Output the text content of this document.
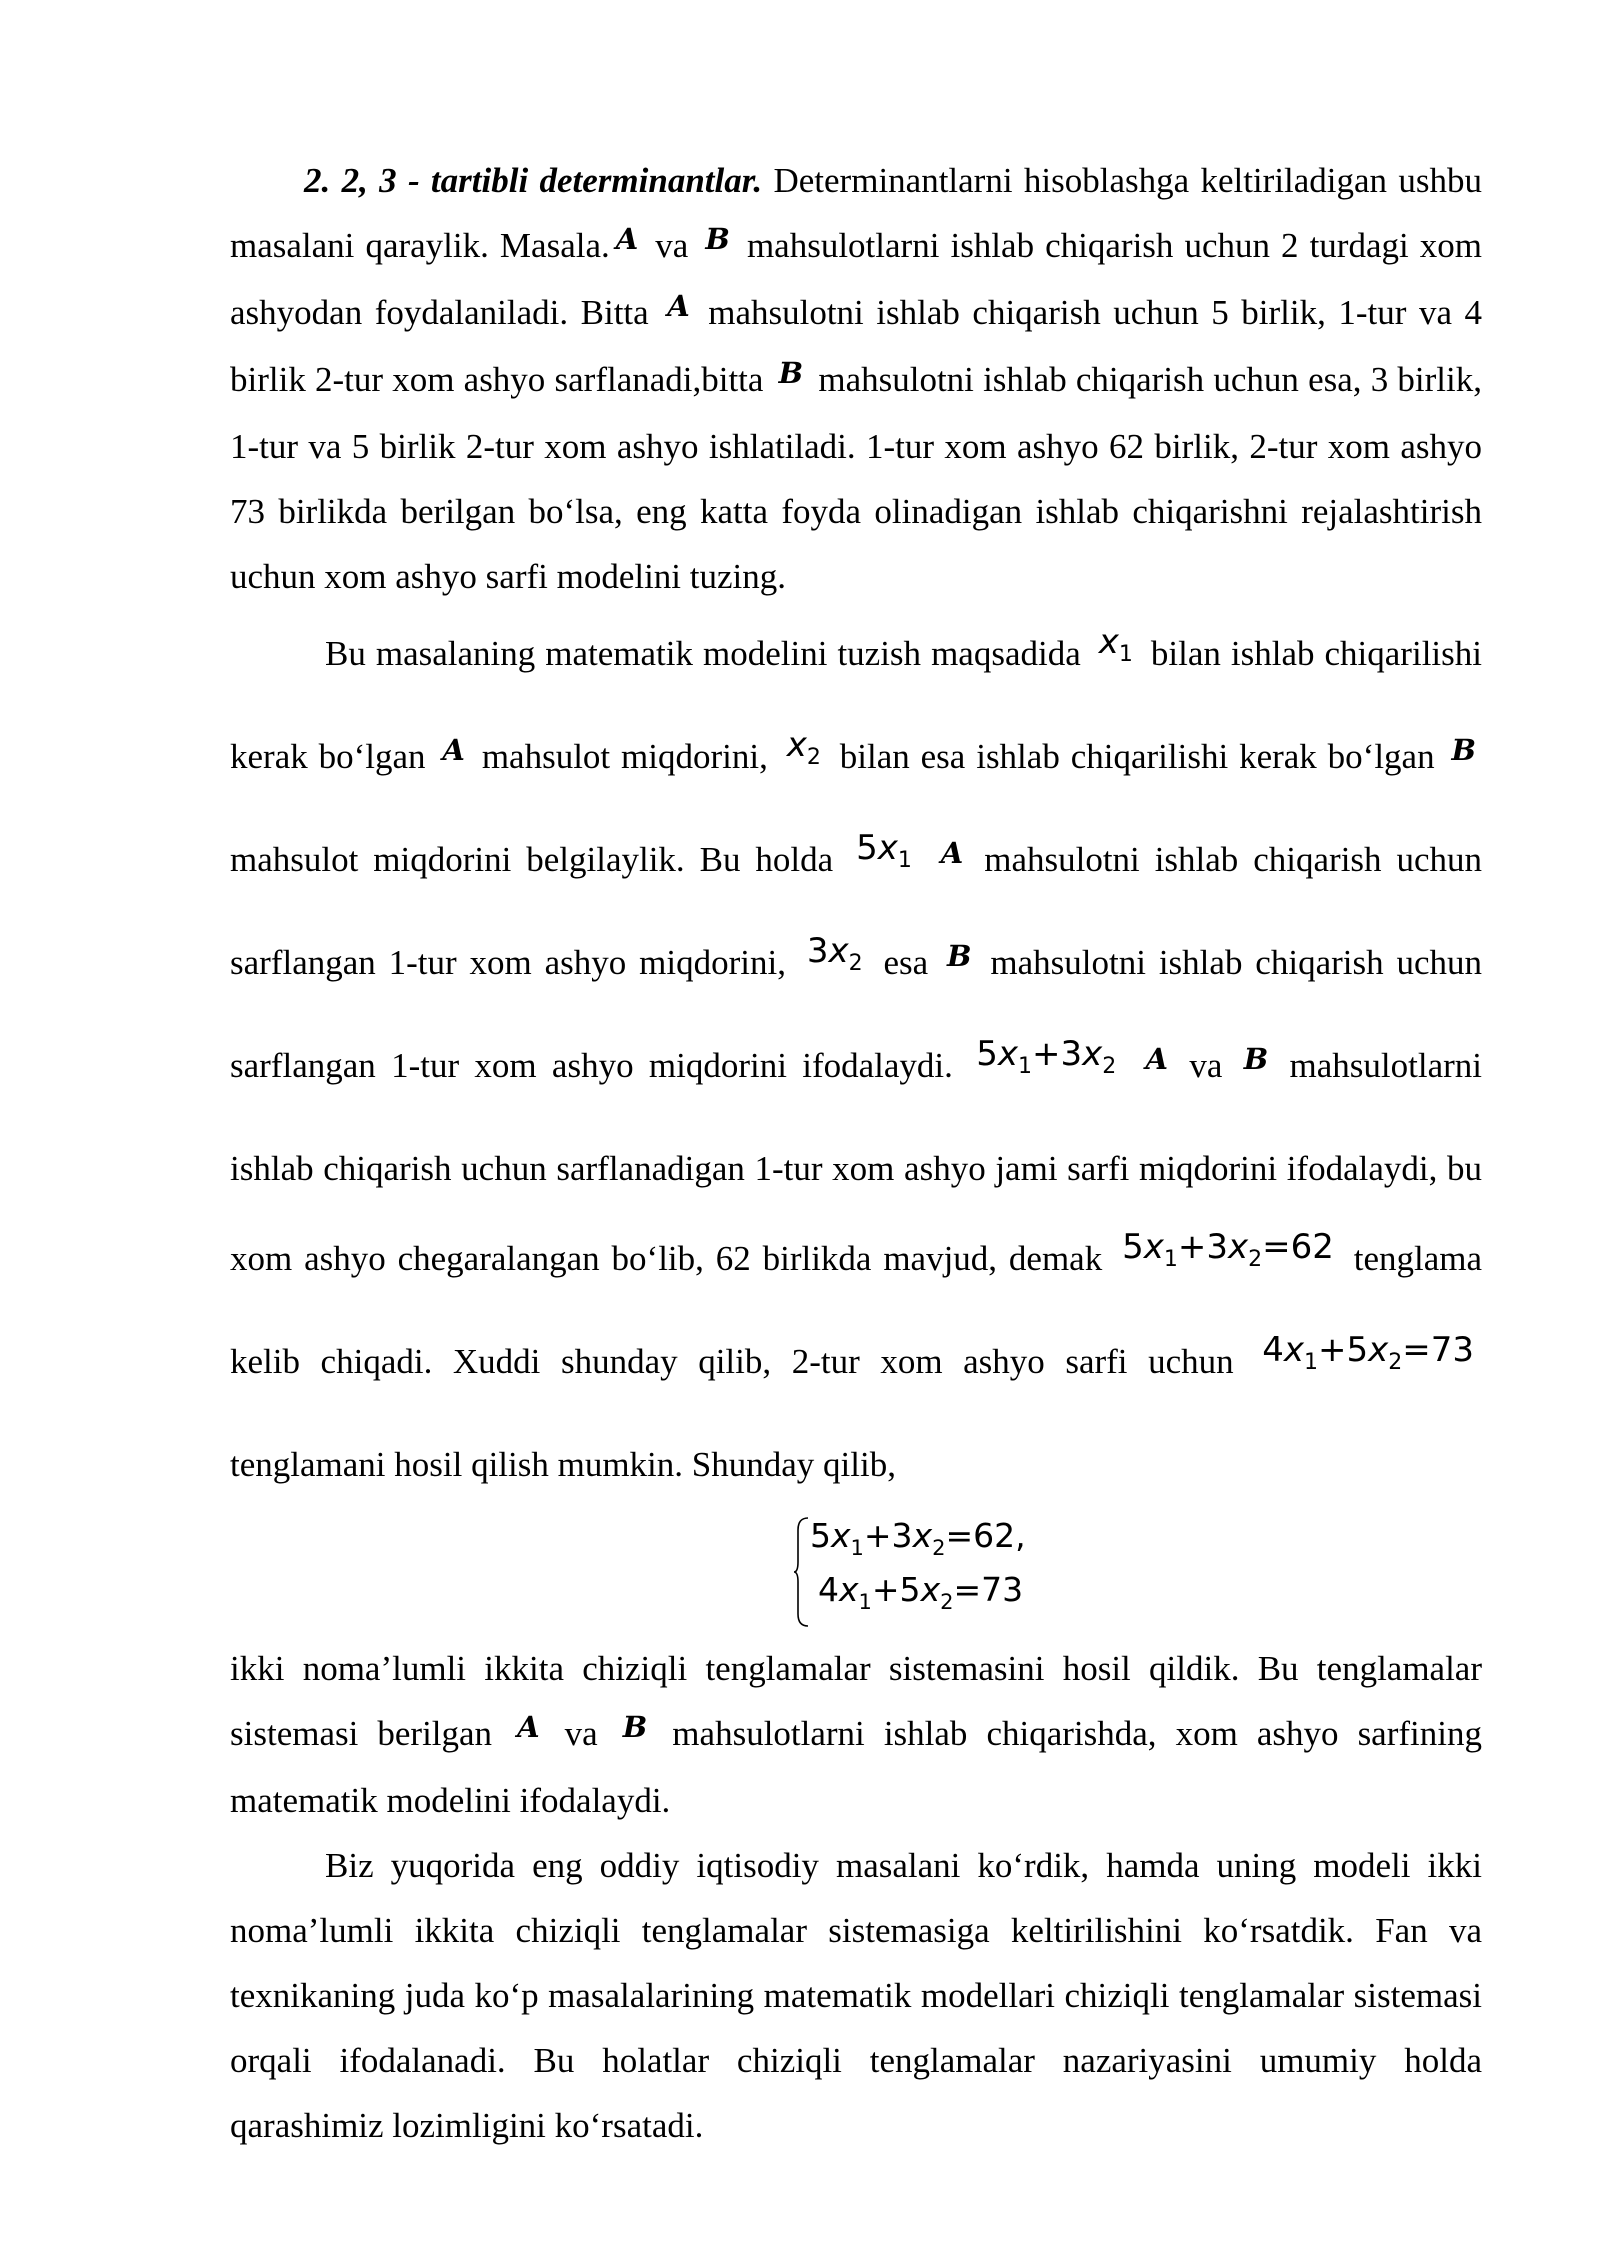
2. 2, 3 - tartibli determinantlar. Determinantlarni hisoblashga keltiriladigan ushbu masalani qaraylik. Masala. $^A$ va $^B$ mahsulotlarni ishlab chiqarish uchun 2 turdagi xom ashyodan foydalaniladi. Bitta $^A$ mahsulotni ishlab chiqarish uchun 5 birlik, 1-tur va 4 birlik 2-tur xom ashyo sarflanadi,bitta $^B$ mahsulotni ishlab chiqarish uchun esa, 3 birlik, 1-tur va 5 birlik 2-tur xom ashyo ishlatiladi. 1-tur xom ashyo 62 birlik, 2-tur xom ashyo 73 birlikda berilgan bo‘lsa, eng katta foyda olinadigan ishlab chiqarishni rejalashtirish uchun xom ashyo sarfi modelini tuzing.

Bu masalaning matematik modelini tuzish maqsadida $x_1$ bilan ishlab chiqarilishi kerak bo‘lgan $^A$ mahsulot miqdorini, $x_2$ bilan esa ishlab chiqarilishi kerak bo‘lgan $^B$ mahsulot miqdorini belgilaylik. Bu holda $5x_1$ $^A$ mahsulotni ishlab chiqarish uchun sarflangan 1-tur xom ashyo miqdorini, $3x_2$ esa $^B$ mahsulotni ishlab chiqarish uchun sarflangan 1-tur xom ashyo miqdorini ifodalaydi. $5x_1+3x_2$ $^A$ va $^B$ mahsulotlarni ishlab chiqarish uchun sarflanadigan 1-tur xom ashyo jami sarfi miqdorini ifodalaydi, bu xom ashyo chegaralangan bo‘lib, 62 birlikda mavjud, demak $5x_1+3x_2=62$ tenglama kelib chiqadi. Xuddi shunday qilib, 2-tur xom ashyo sarfi uchun $4x_1+5x_2=73$ tenglamani hosil qilish mumkin. Shunday qilib,

$5x_1+3x_2=62$,
$4x_1+5x_2=73$

ikki noma’lumli ikkita chiziqli tenglamalar sistemasini hosil qildik. Bu tenglamalar sistemasi berilgan $^A$ va $^B$ mahsulotlarni ishlab chiqarishda, xom ashyo sarfining matematik modelini ifodalaydi.

Biz yuqorida eng oddiy iqtisodiy masalani ko‘rdik, hamda uning modeli ikki noma’lumli ikkita chiziqli tenglamalar sistemasiga keltirilishini ko‘rsatdik. Fan va texnikaning juda ko‘p masalalarining matematik modellari chiziqli tenglamalar sistemasi orqali ifodalanadi. Bu holatlar chiziqli tenglamalar nazariyasini umumiy holda qarashimiz lozimligini ko‘rsatadi.
